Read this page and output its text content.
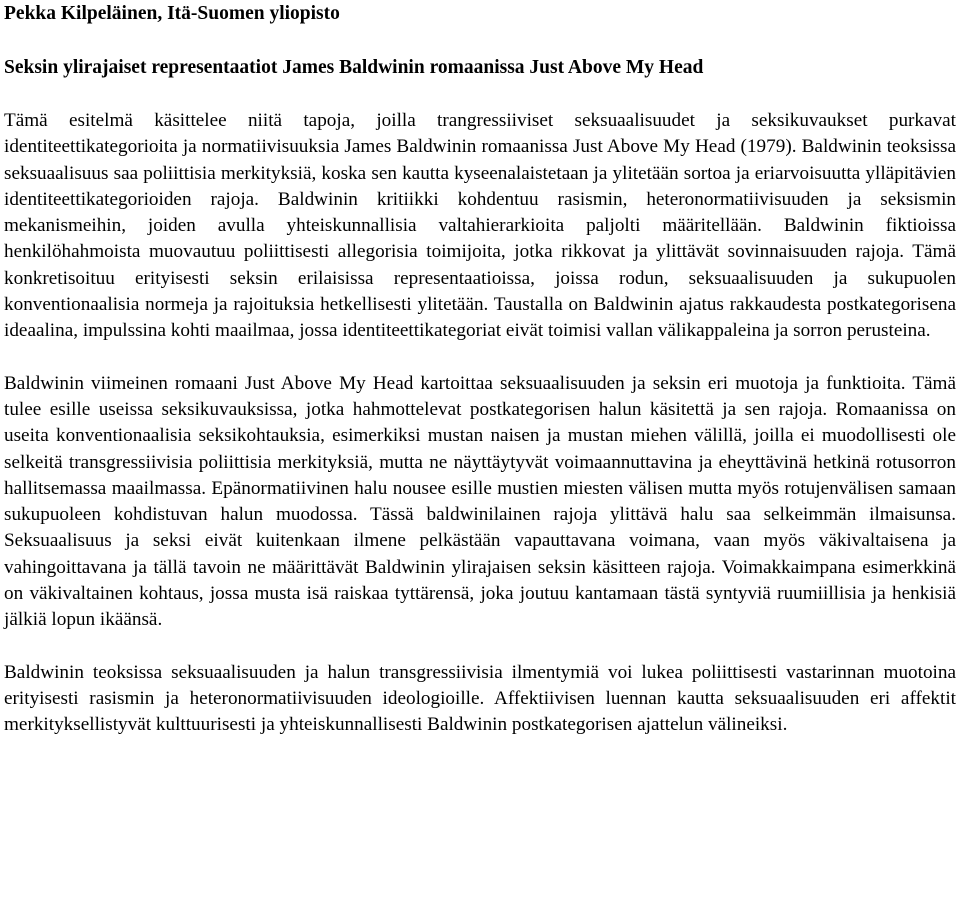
Pekka Kilpeläinen, Itä-Suomen yliopisto

Seksin ylirajaiset representaatiot James Baldwinin romaanissa Just Above My Head

Tämä esitelmä käsittelee niitä tapoja, joilla trangressiiviset seksuaalisuudet ja seksikuvaukset purkavat identiteettikategorioita ja normatiivisuuksia James Baldwinin romaanissa Just Above My Head (1979). Baldwinin teoksissa seksuaalisuus saa poliittisia merkityksiä, koska sen kautta kyseenalaistetaan ja ylitetään sortoa ja eriarvoisuutta ylläpitävien identiteettikategorioiden rajoja. Baldwinin kritiikki kohdentuu rasismin, heteronormatiivisuuden ja seksismin mekanismeihin, joiden avulla yhteiskunnallisia valtahierarkioita paljolti määritellään. Baldwinin fiktioissa henkilöhahmoista muovautuu poliittisesti allegorisia toimijoita, jotka rikkovat ja ylittävät sovinnaisuuden rajoja. Tämä konkretisoituu erityisesti seksin erilaisissa representaatioissa, joissa rodun, seksuaalisuuden ja sukupuolen konventionaalisia normeja ja rajoituksia hetkellisesti ylitetään. Taustalla on Baldwinin ajatus rakkaudesta postkategorisena ideaalina, impulssina kohti maailmaa, jossa identiteettikategoriat eivät toimisi vallan välikappaleina ja sorron perusteina.

Baldwinin viimeinen romaani Just Above My Head kartoittaa seksuaalisuuden ja seksin eri muotoja ja funktioita. Tämä tulee esille useissa seksikuvauksissa, jotka hahmottelevat postkategorisen halun käsitettä ja sen rajoja. Romaanissa on useita konventionaalisia seksikohtauksia, esimerkiksi mustan naisen ja mustan miehen välillä, joilla ei muodollisesti ole selkeitä transgressiivisia poliittisia merkityksiä, mutta ne näyttäytyvät voimaannuttavina ja eheyttävinä hetkinä rotusorron hallitsemassa maailmassa. Epänormatiivinen halu nousee esille mustien miesten välisen mutta myös rotujenvälisen samaan sukupuoleen kohdistuvan halun muodossa. Tässä baldwinilainen rajoja ylittävä halu saa selkeimmän ilmaisunsa. Seksuaalisuus ja seksi eivät kuitenkaan ilmene pelkästään vapauttavana voimana, vaan myös väkivaltaisena ja vahingoittavana ja tällä tavoin ne määrittävät Baldwinin ylirajaisen seksin käsitteen rajoja. Voimakkaimpana esimerkkinä on väkivaltainen kohtaus, jossa musta isä raiskaa tyttärensä, joka joutuu kantamaan tästä syntyviä ruumiillisia ja henkisiä jälkiä lopun ikäänsä.

Baldwinin teoksissa seksuaalisuuden ja halun transgressiivisia ilmentymiä voi lukea poliittisesti vastarinnan muotoina erityisesti rasismin ja heteronormatiivisuuden ideologioille. Affektiivisen luennan kautta seksuaalisuuden eri affektit merkityksellistyvät kulttuurisesti ja yhteiskunnallisesti Baldwinin postkategorisen ajattelun välineiksi.
